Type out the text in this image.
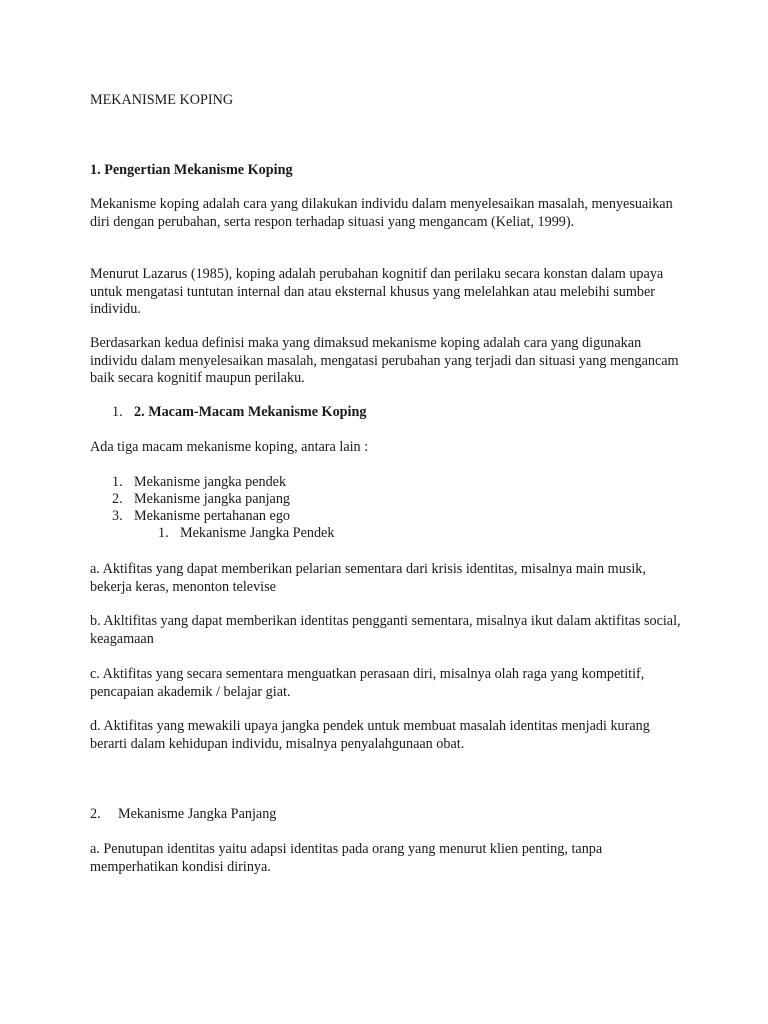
MEKANISME KOPING

1. Pengertian Mekanisme Koping

Mekanisme koping adalah cara yang dilakukan individu dalam menyelesaikan masalah, menyesuaikan diri dengan perubahan, serta respon terhadap situasi yang mengancam (Keliat, 1999).

Menurut Lazarus (1985), koping adalah perubahan kognitif dan perilaku secara konstan dalam upaya untuk mengatasi tuntutan internal dan atau eksternal khusus yang melelahkan atau melebihi sumber individu.

Berdasarkan kedua definisi maka yang dimaksud mekanisme koping adalah cara yang digunakan individu dalam menyelesaikan masalah, mengatasi perubahan yang terjadi dan situasi yang mengancam baik secara kognitif maupun perilaku.

1. 2. Macam-Macam Mekanisme Koping

Ada tiga macam mekanisme koping, antara lain :

1. Mekanisme jangka pendek

2. Mekanisme jangka panjang

3. Mekanisme pertahanan ego

1. Mekanisme Jangka Pendek

a. Aktifitas yang dapat memberikan pelarian sementara dari krisis identitas, misalnya main musik, bekerja keras, menonton televise

b. Akltifitas yang dapat memberikan identitas pengganti sementara, misalnya ikut dalam aktifitas social, keagamaan

c. Aktifitas yang secara sementara menguatkan perasaan diri, misalnya olah raga yang kompetitif, pencapaian akademik / belajar giat.

d. Aktifitas yang mewakili upaya jangka pendek untuk membuat masalah identitas menjadi kurang berarti dalam kehidupan individu, misalnya penyalahgunaan obat.

2. Mekanisme Jangka Panjang

a. Penutupan identitas yaitu adapsi identitas pada orang yang menurut klien penting, tanpa memperhatikan kondisi dirinya.
